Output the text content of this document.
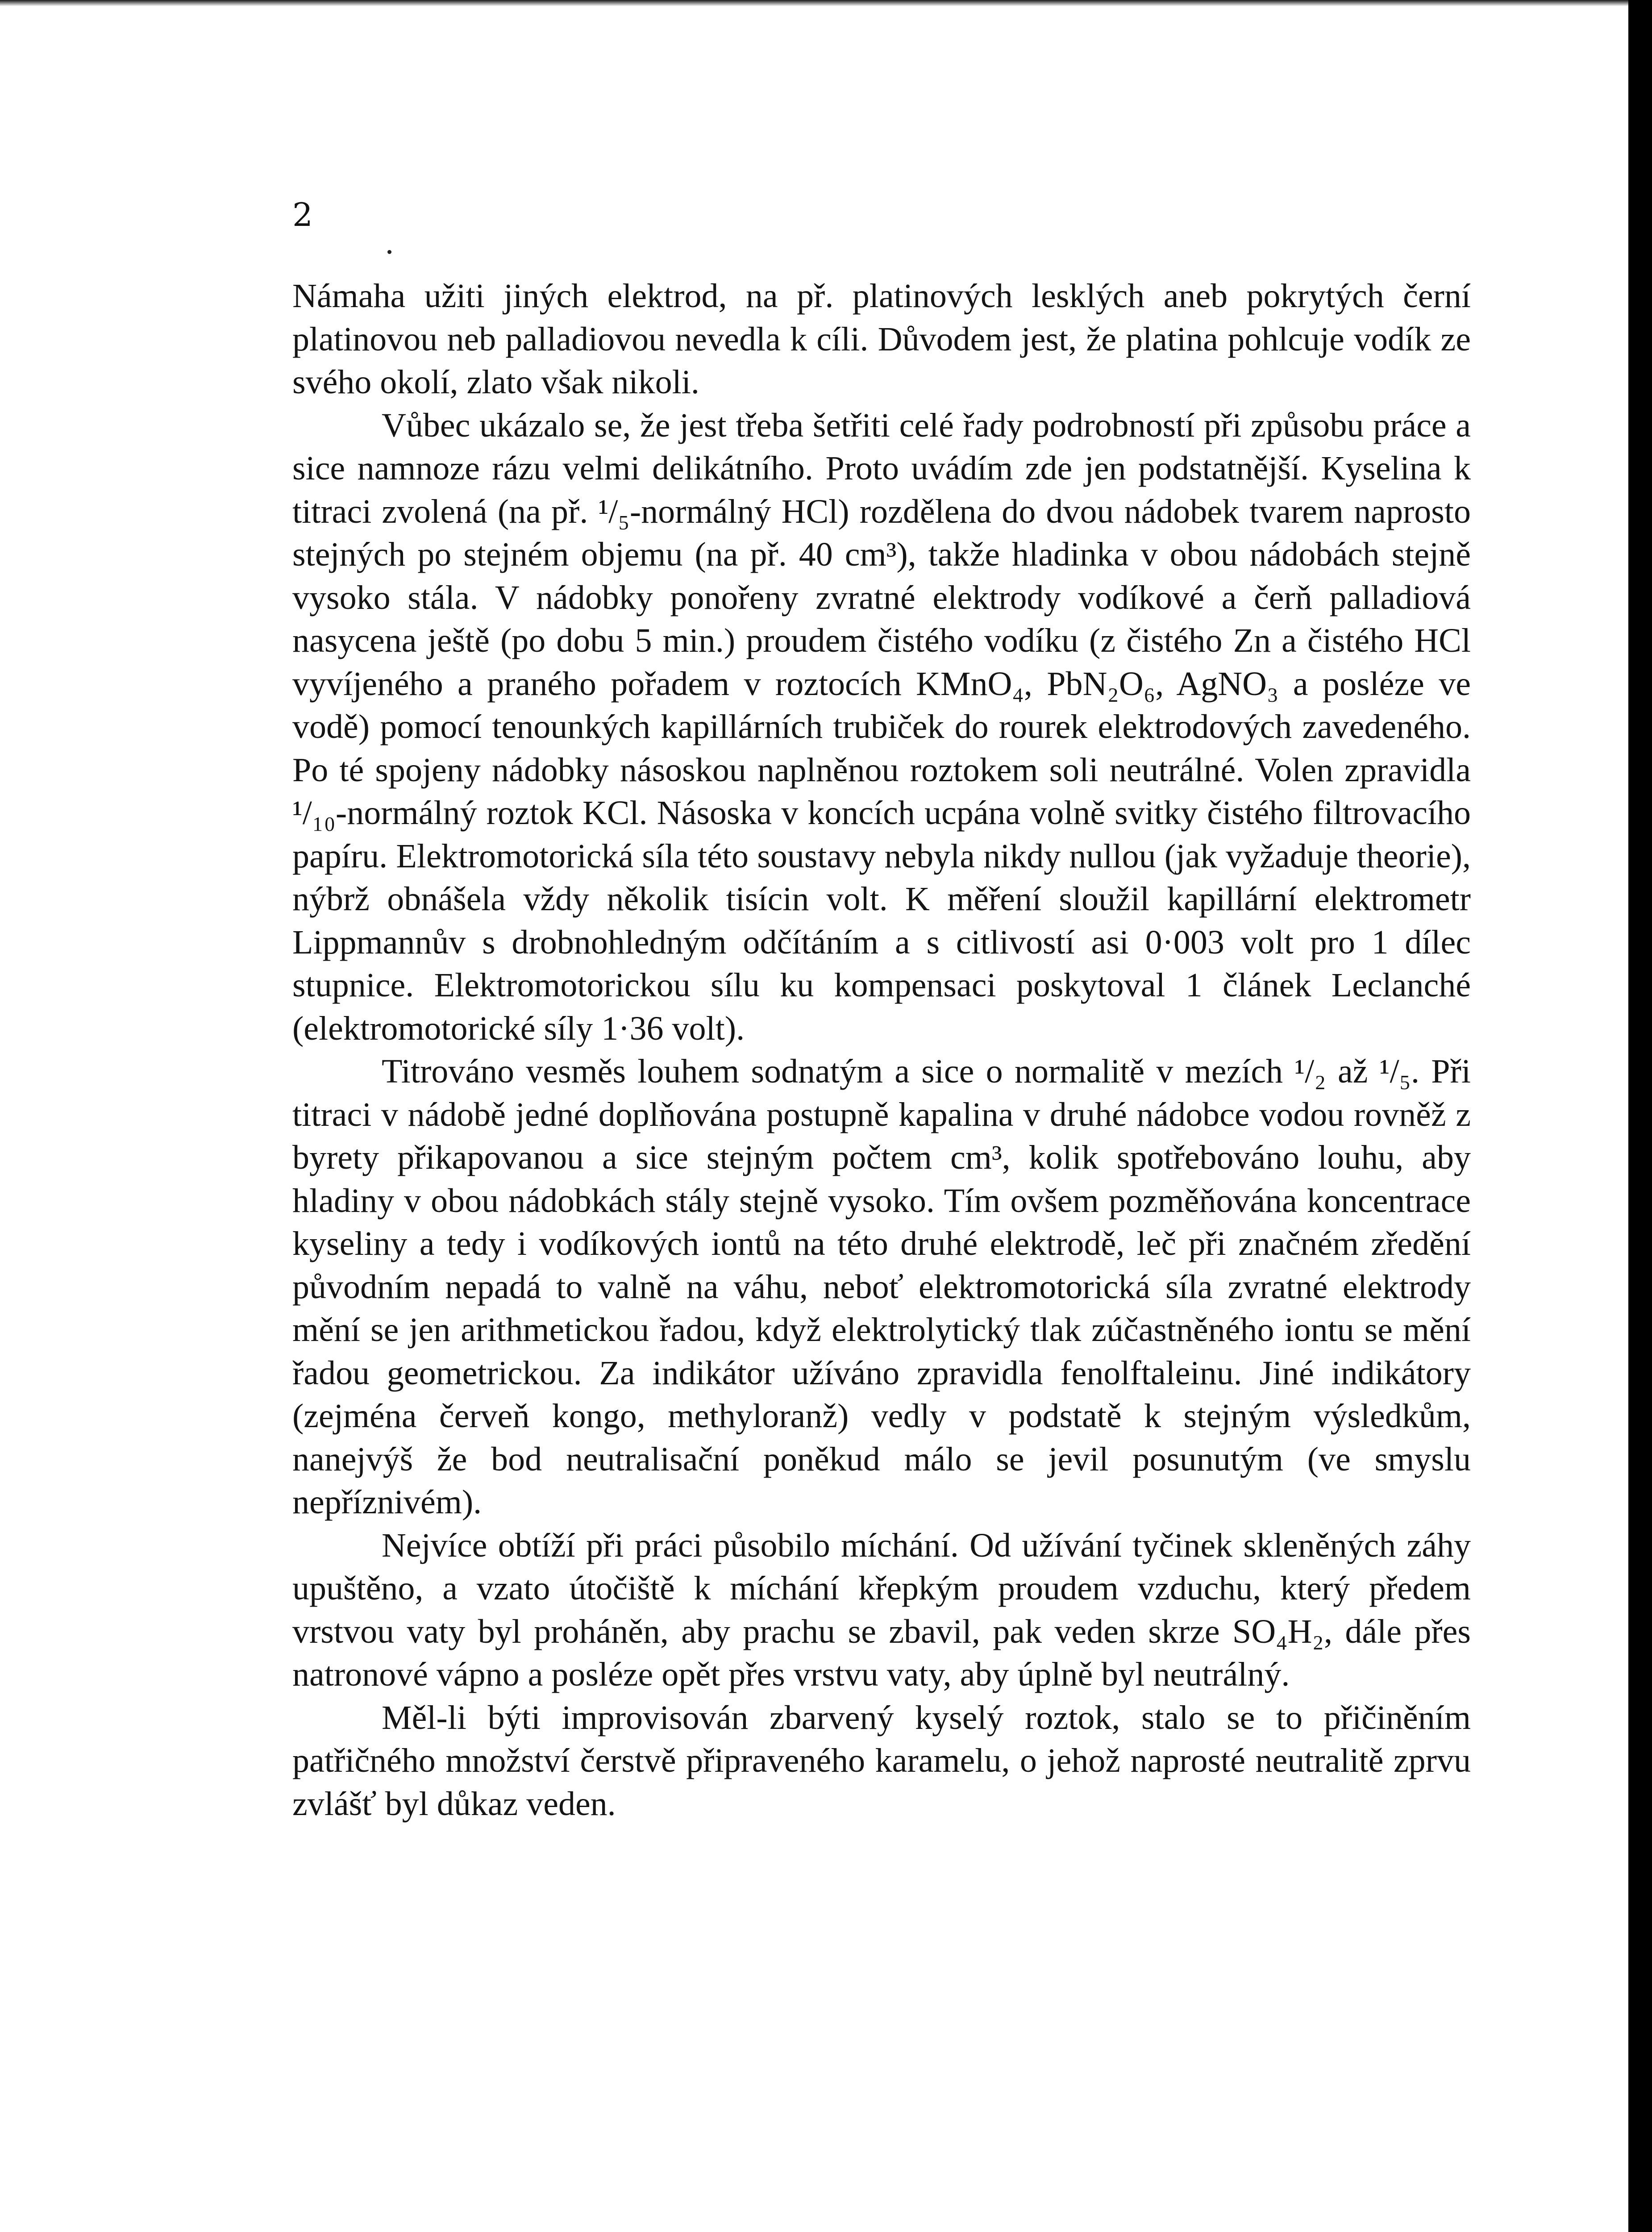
2

Námaha užiti jiných elektrod, na př. platinových lesklých aneb pokrytých černí platinovou neb palladiovou nevedla k cíli. Důvodem jest, že platina pohlcuje vodík ze svého okolí, zlato však nikoli.

Vůbec ukázalo se, že jest třeba šetřiti celé řady podrobností při způsobu práce a sice namnoze rázu velmi delikátního. Proto uvádím zde jen podstatnější. Kyselina k titraci zvolená (na př. ¹/₅-normálný HCl) rozdělena do dvou nádobek tvarem naprosto stejných po stejném objemu (na př. 40 cm³), takže hladinka v obou nádobách stejně vysoko stála. V nádobky ponořeny zvratné elektrody vodíkové a čerň palladiová nasycena ještě (po dobu 5 min.) proudem čistého vodíku (z čistého Zn a čistého HCl vyvíjeného a praného pořadem v roztocích KMnO₄, PbN₂O₆, AgNO₃ a posléze ve vodě) pomocí tenounkých kapillárních trubiček do rourek elektrodových zavedeného. Po té spojeny nádobky násoskou naplněnou roztokem soli neutrálné. Volen zpravidla ¹/₁₀-normálný roztok KCl. Násoska v koncích ucpána volně svitky čistého filtrovacího papíru. Elektromotorická síla této soustavy nebyla nikdy nullou (jak vyžaduje theorie), nýbrž obnášela vždy několik tisícin volt. K měření sloužil kapillární elektrometr Lippmannův s drobnohledným odčítáním a s citlivostí asi 0·003 volt pro 1 dílec stupnice. Elektromotorickou sílu ku kompensaci poskytoval 1 článek Leclanché (elektromotorické síly 1·36 volt).

Titrováno vesměs louhem sodnatým a sice o normalitě v mezích ¹/₂ až ¹/₅. Při titraci v nádobě jedné doplňována postupně kapalina v druhé nádobce vodou rovněž z byrety přikapovanou a sice stejným počtem cm³, kolik spotřebováno louhu, aby hladiny v obou nádobkách stály stejně vysoko. Tím ovšem pozměňována koncentrace kyseliny a tedy i vodíkových iontů na této druhé elektrodě, leč při značném zředění původním nepadá to valně na váhu, neboť elektromotorická síla zvratné elektrody mění se jen arithmetickou řadou, když elektrolytický tlak zúčastněného iontu se mění řadou geometrickou. Za indikátor užíváno zpravidla fenolftaleinu. Jiné indikátory (zejména červeň kongo, methyloranž) vedly v podstatě k stejným výsledkům, nanejvýš že bod neutralisační poněkud málo se jevil posunutým (ve smyslu nepříznivém).

Nejvíce obtíží při práci působilo míchání. Od užívání tyčinek skleněných záhy upuštěno, a vzato útočiště k míchání křepkým proudem vzduchu, který předem vrstvou vaty byl proháněn, aby prachu se zbavil, pak veden skrze SO₄H₂, dále přes natronové vápno a posléze opět přes vrstvu vaty, aby úplně byl neutrálný.

Měl-li býti improvisován zbarvený kyselý roztok, stalo se to přičiněním patřičného množství čerstvě připraveného karamelu, o jehož naprosté neutralitě zprvu zvlášť byl důkaz veden.
